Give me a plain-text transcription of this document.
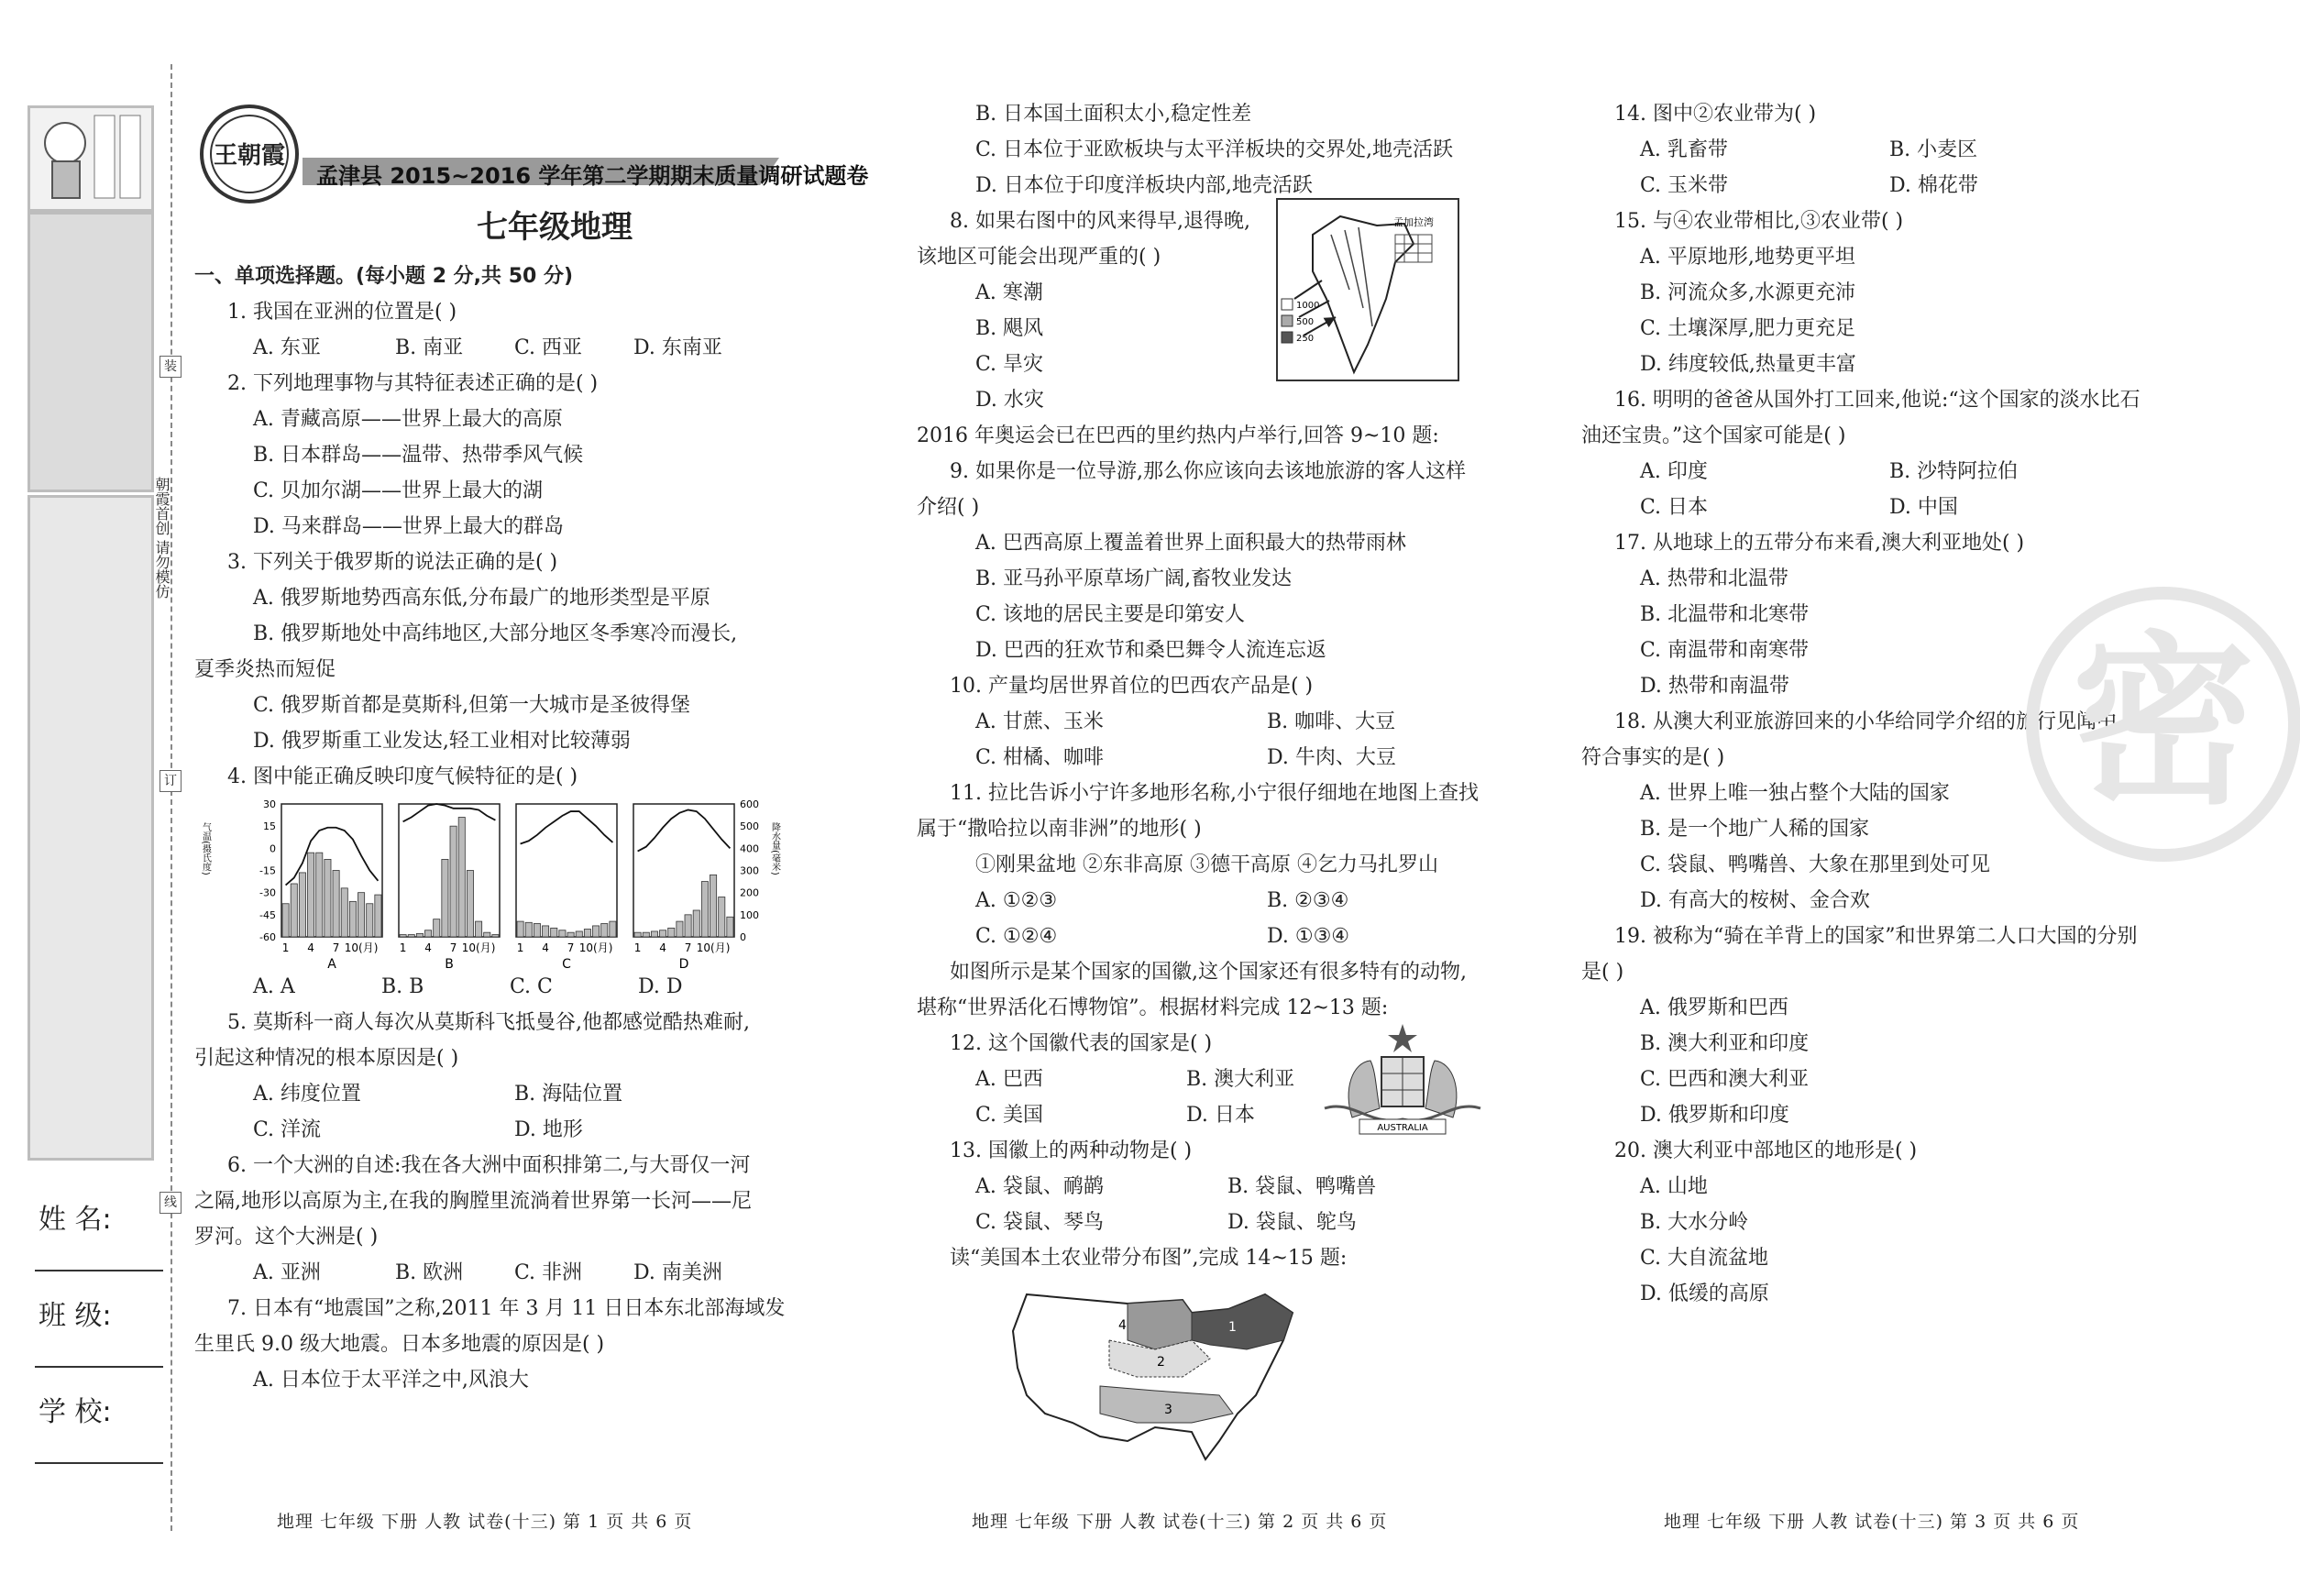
装
订
线
朝霞首创 请勿模仿
姓 名:
班 级:
学 校:
王朝霞
孟津县 2015~2016 学年第二学期期末质量调研试题卷
七年级地理

一、单项选择题。(每小题 2 分,共 50 分)

1. 我国在亚洲的位置是( )

A. 东亚	B. 南亚	C. 西亚	D. 东南亚

2. 下列地理事物与其特征表述正确的是( )

A. 青藏高原——世界上最大的高原

B. 日本群岛——温带、热带季风气候

C. 贝加尔湖——世界上最大的湖

D. 马来群岛——世界上最大的群岛

3. 下列关于俄罗斯的说法正确的是( )

A. 俄罗斯地势西高东低,分布最广的地形类型是平原

B. 俄罗斯地处中高纬地区,大部分地区冬季寒冷而漫长,

夏季炎热而短促

C. 俄罗斯首都是莫斯科,但第一大城市是圣彼得堡

D. 俄罗斯重工业发达,轻工业相对比较薄弱

4. 图中能正确反映印度气候特征的是( )

气温(摄氏度)
30
15
0
-15
-30
-45
-60
600
500
400
300
200
100
0
降水量(毫米)
1 4 7 10(月)
A
1 4 7 10(月)
B
1 4 7 10(月)
C
1 4 7 10(月)
D
A. A	B. B	C. C	D. D

5. 莫斯科一商人每次从莫斯科飞抵曼谷,他都感觉酷热难耐,

引起这种情况的根本原因是( )

A. 纬度位置	B. 海陆位置
C. 洋流	D. 地形

6. 一个大洲的自述:我在各大洲中面积排第二,与大哥仅一河

之隔,地形以高原为主,在我的胸膛里流淌着世界第一长河——尼

罗河。这个大洲是( )

A. 亚洲	B. 欧洲	C. 非洲	D. 南美洲

7. 日本有“地震国”之称,2011 年 3 月 11 日日本东北部海域发

生里氏 9.0 级大地震。日本多地震的原因是( )

A. 日本位于太平洋之中,风浪大

B. 日本国土面积太小,稳定性差

C. 日本位于亚欧板块与太平洋板块的交界处,地壳活跃

D. 日本位于印度洋板块内部,地壳活跃

8. 如果右图中的风来得早,退得晚,

该地区可能会出现严重的( )

A. 寒潮

B. 飓风

C. 旱灾

D. 水灾

孟加拉湾
1000
500
250

2016 年奥运会已在巴西的里约热内卢举行,回答 9~10 题:

9. 如果你是一位导游,那么你应该向去该地旅游的客人这样

介绍( )

A. 巴西高原上覆盖着世界上面积最大的热带雨林

B. 亚马孙平原草场广阔,畜牧业发达

C. 该地的居民主要是印第安人

D. 巴西的狂欢节和桑巴舞令人流连忘返

10. 产量均居世界首位的巴西农产品是( )

A. 甘蔗、玉米	B. 咖啡、大豆
C. 柑橘、咖啡	D. 牛肉、大豆

11. 拉比告诉小宁许多地形名称,小宁很仔细地在地图上查找

属于“撒哈拉以南非洲”的地形( )

①刚果盆地 ②东非高原 ③德干高原 ④乞力马扎罗山

A. ①②③	B. ②③④
C. ①②④	D. ①③④

如图所示是某个国家的国徽,这个国家还有很多特有的动物,

堪称“世界活化石博物馆”。根据材料完成 12~13 题:

12. 这个国徽代表的国家是( )

A. 巴西	B. 澳大利亚
C. 美国	D. 日本

13. 国徽上的两种动物是( )

A. 袋鼠、鸸鹋	B. 袋鼠、鸭嘴兽
C. 袋鼠、琴鸟	D. 袋鼠、鸵鸟
AUSTRALIA

读“美国本土农业带分布图”,完成 14~15 题:

4
2
1
3

14. 图中②农业带为( )

A. 乳畜带	B. 小麦区
C. 玉米带	D. 棉花带

15. 与④农业带相比,③农业带( )

A. 平原地形,地势更平坦

B. 河流众多,水源更充沛

C. 土壤深厚,肥力更充足

D. 纬度较低,热量更丰富

16. 明明的爸爸从国外打工回来,他说:“这个国家的淡水比石

油还宝贵。”这个国家可能是( )

A. 印度	B. 沙特阿拉伯
C. 日本	D. 中国

17. 从地球上的五带分布来看,澳大利亚地处( )

A. 热带和北温带

B. 北温带和北寒带

C. 南温带和南寒带

D. 热带和南温带

18. 从澳大利亚旅游回来的小华给同学介绍的旅行见闻中,不

符合事实的是( )

A. 世界上唯一独占整个大陆的国家

B. 是一个地广人稀的国家

C. 袋鼠、鸭嘴兽、大象在那里到处可见

D. 有高大的桉树、金合欢

19. 被称为“骑在羊背上的国家”和世界第二人口大国的分别

是( )

A. 俄罗斯和巴西

B. 澳大利亚和印度

C. 巴西和澳大利亚

D. 俄罗斯和印度

20. 澳大利亚中部地区的地形是( )

A. 山地

B. 大水分岭

C. 大自流盆地

D. 低缓的高原

密
地理 七年级 下册 人教 试卷(十三) 第 1 页 共 6 页	地理 七年级 下册 人教 试卷(十三) 第 2 页 共 6 页	地理 七年级 下册 人教 试卷(十三) 第 3 页 共 6 页
